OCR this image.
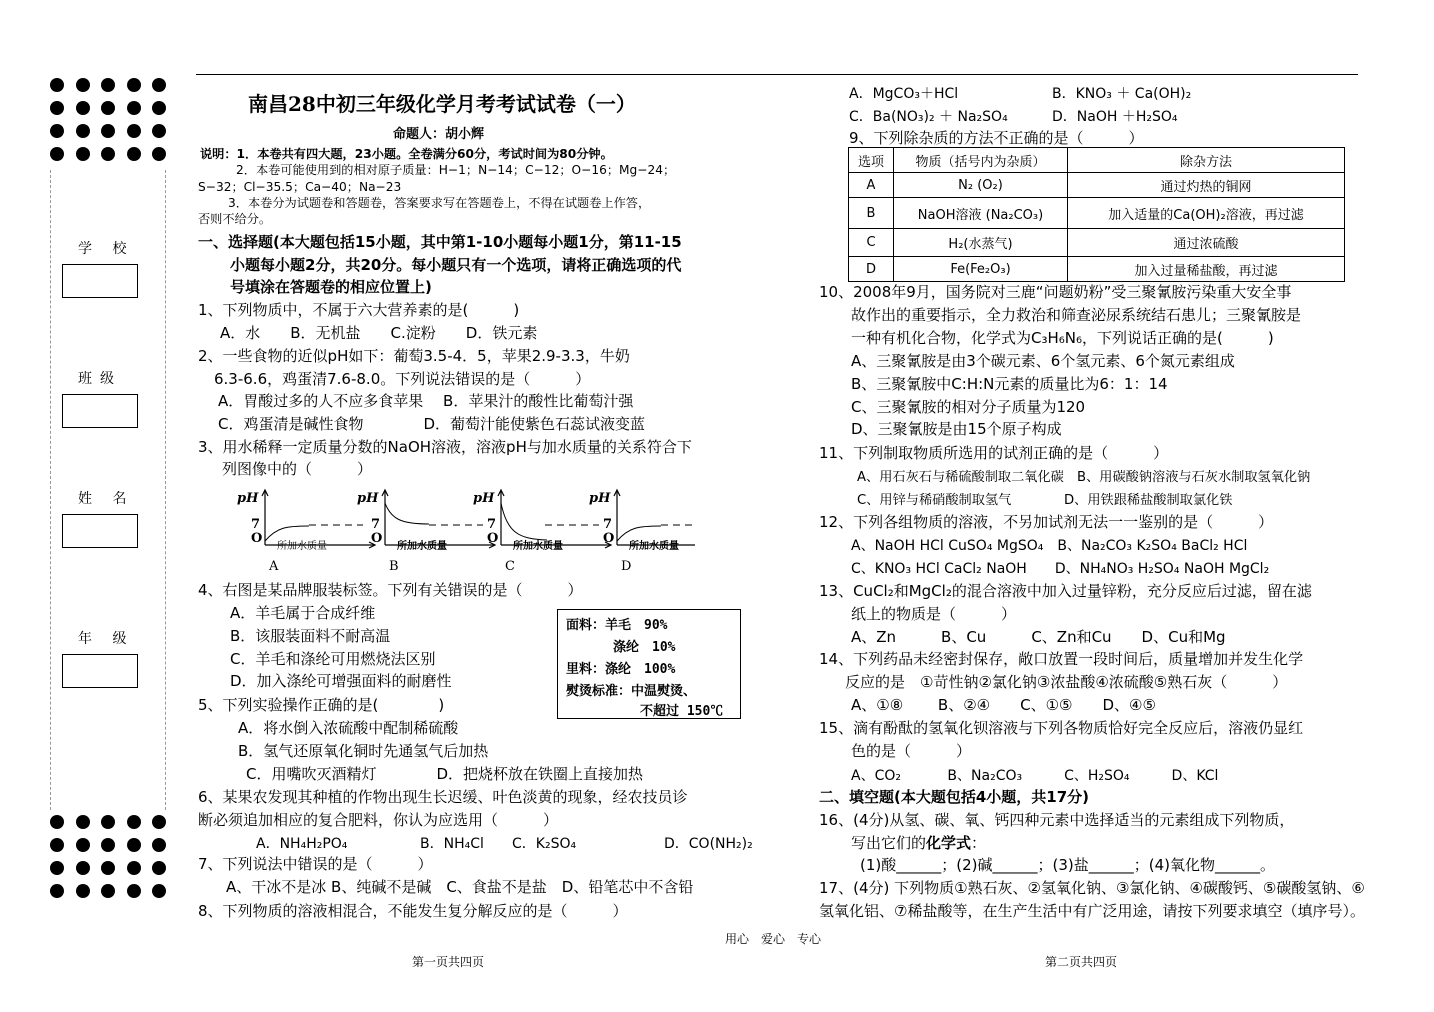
学 校
班级
姓 名
年 级
南昌28中初三年级化学月考考试试卷（一）
命题人：胡小辉
说明：1．本卷共有四大题，23小题。全卷满分60分，考试时间为80分钟。
2．本卷可能使用到的相对原子质量：H−1；N−14；C−12；O−16；Mg−24；
S−32；Cl−35.5；Ca−40；Na−23
3．本卷分为试题卷和答题卷，答案要求写在答题卷上，不得在试题卷上作答，
否则不给分。
一、选择题(本大题包括15小题，其中第1-10小题每小题1分，第11-15
小题每小题2分，共20分。每小题只有一个选项，请将正确选项的代
号填涂在答题卷的相应位置上)
1、下列物质中，不属于六大营养素的是(　　　)
A．水　　B．无机盐　　C.淀粉　　D．铁元素
2、一些食物的近似pH如下：葡萄3.5-4．5，苹果2.9-3.3，牛奶
6.3-6.6，鸡蛋清7.6-8.0。下列说法错误的是（　　　）
A．胃酸过多的人不应多食苹果　 B．苹果汁的酸性比葡萄汁强
C．鸡蛋清是碱性食物　　　　D．葡萄汁能使紫色石蕊试液变蓝
3、用水稀释一定质量分数的NaOH溶液，溶液pH与加水质量的关系符合下
列图像中的（　　　）
pH
7
O
所加水质量
A
pH
7
O
所加水质量
B
pH
7
O
所加水质量
C
pH
7
O
所加水质量
D
4、右图是某品牌服装标签。下列有关错误的是（　　　）
A．羊毛属于合成纤维
B．该服装面料不耐高温
C．羊毛和涤纶可用燃烧法区别
D．加入涤纶可增强面料的耐磨性
面料：羊毛　90%
涤纶　10%
里料：涤纶　100%
熨烫标准：中温熨烫、
不超过 150℃
5、下列实验操作正确的是(　　　　)
A．将水倒入浓硫酸中配制稀硫酸
B．氢气还原氧化铜时先通氢气后加热
C．用嘴吹灭酒精灯　　　　D．把烧杯放在铁圈上直接加热
6、某果农发现其种植的作物出现生长迟缓、叶色淡黄的现象，经农技员诊
断必须追加相应的复合肥料，你认为应选用（　　　）
A．NH₄H₂PO₄	B．NH₄Cl C．K₂SO₄	D．CO(NH₂)₂
7、下列说法中错误的是（　　　）
A、干冰不是冰 B、纯碱不是碱　C、食盐不是盐　D、铅笔芯中不含铅
8、下列物质的溶液相混合，不能发生复分解反应的是（　　　）
A．MgCO₃＋HCl	B．KNO₃ ＋ Ca(OH)₂
C．Ba(NO₃)₂ ＋ Na₂SO₄	D．NaOH ＋H₂SO₄
9、下列除杂质的方法不正确的是（　　　）
选项	物质（括号内为杂质）	除杂方法
A	N₂ (O₂)	通过灼热的铜网
B	NaOH溶液 (Na₂CO₃)	加入适量的Ca(OH)₂溶液，再过滤
C	H₂(水蒸气)	通过浓硫酸
D	Fe(Fe₂O₃)	加入过量稀盐酸，再过滤
10、2008年9月，国务院对三鹿“问题奶粉”受三聚氰胺污染重大安全事
故作出的重要指示，全力救治和筛查泌尿系统结石患儿；三聚氰胺是
一种有机化合物，化学式为C₃H₆N₆，下列说话正确的是(　　　)
A、三聚氰胺是由3个碳元素、6个氢元素、6个氮元素组成
B、三聚氰胺中C:H:N元素的质量比为6：1：14
C、三聚氰胺的相对分子质量为120
D、三聚氰胺是由15个原子构成
11、下列制取物质所选用的试剂正确的是（　　　）
A、用石灰石与稀硫酸制取二氧化碳　B、用碳酸钠溶液与石灰水制取氢氧化钠
C、用锌与稀硝酸制取氢气　　　　D、用铁跟稀盐酸制取氯化铁
12、下列各组物质的溶液，不另加试剂无法一一鉴别的是（　　　）
A、NaOH HCl CuSO₄ MgSO₄　B、Na₂CO₃ K₂SO₄ BaCl₂ HCl
C、KNO₃ HCl CaCl₂ NaOH　　D、NH₄NO₃ H₂SO₄ NaOH MgCl₂
13、CuCl₂和MgCl₂的混合溶液中加入过量锌粉，充分反应后过滤，留在滤
纸上的物质是（　　　）
A、Zn　　　B、Cu　　　C、Zn和Cu　　D、Cu和Mg
14、下列药品未经密封保存，敞口放置一段时间后，质量增加并发生化学
反应的是　①苛性钠②氯化钠③浓盐酸④浓硫酸⑤熟石灰（　　　）
A、①⑧　　 B、②④　　C、①⑤　　D、④⑤
15、滴有酚酞的氢氧化钡溶液与下列各物质恰好完全反应后，溶液仍显红
色的是（　　　）
A、CO₂　　　 B、Na₂CO₃　　　C、H₂SO₄　　　D、KCl
二、填空题(本大题包括4小题，共17分)
16、(4分)从氢、碳、氧、钙四种元素中选择适当的元素组成下列物质，
写出它们的化学式：
(1)酸______；(2)碱______；(3)盐______；(4)氧化物______。
17、(4分) 下列物质①熟石灰、②氢氧化钠、③氯化钠、④碳酸钙、⑤碳酸氢钠、⑥
氢氧化铝、⑦稀盐酸等，在生产生活中有广泛用途，请按下列要求填空（填序号）。
用心　爱心　专心
第一页共四页	第二页共四页
